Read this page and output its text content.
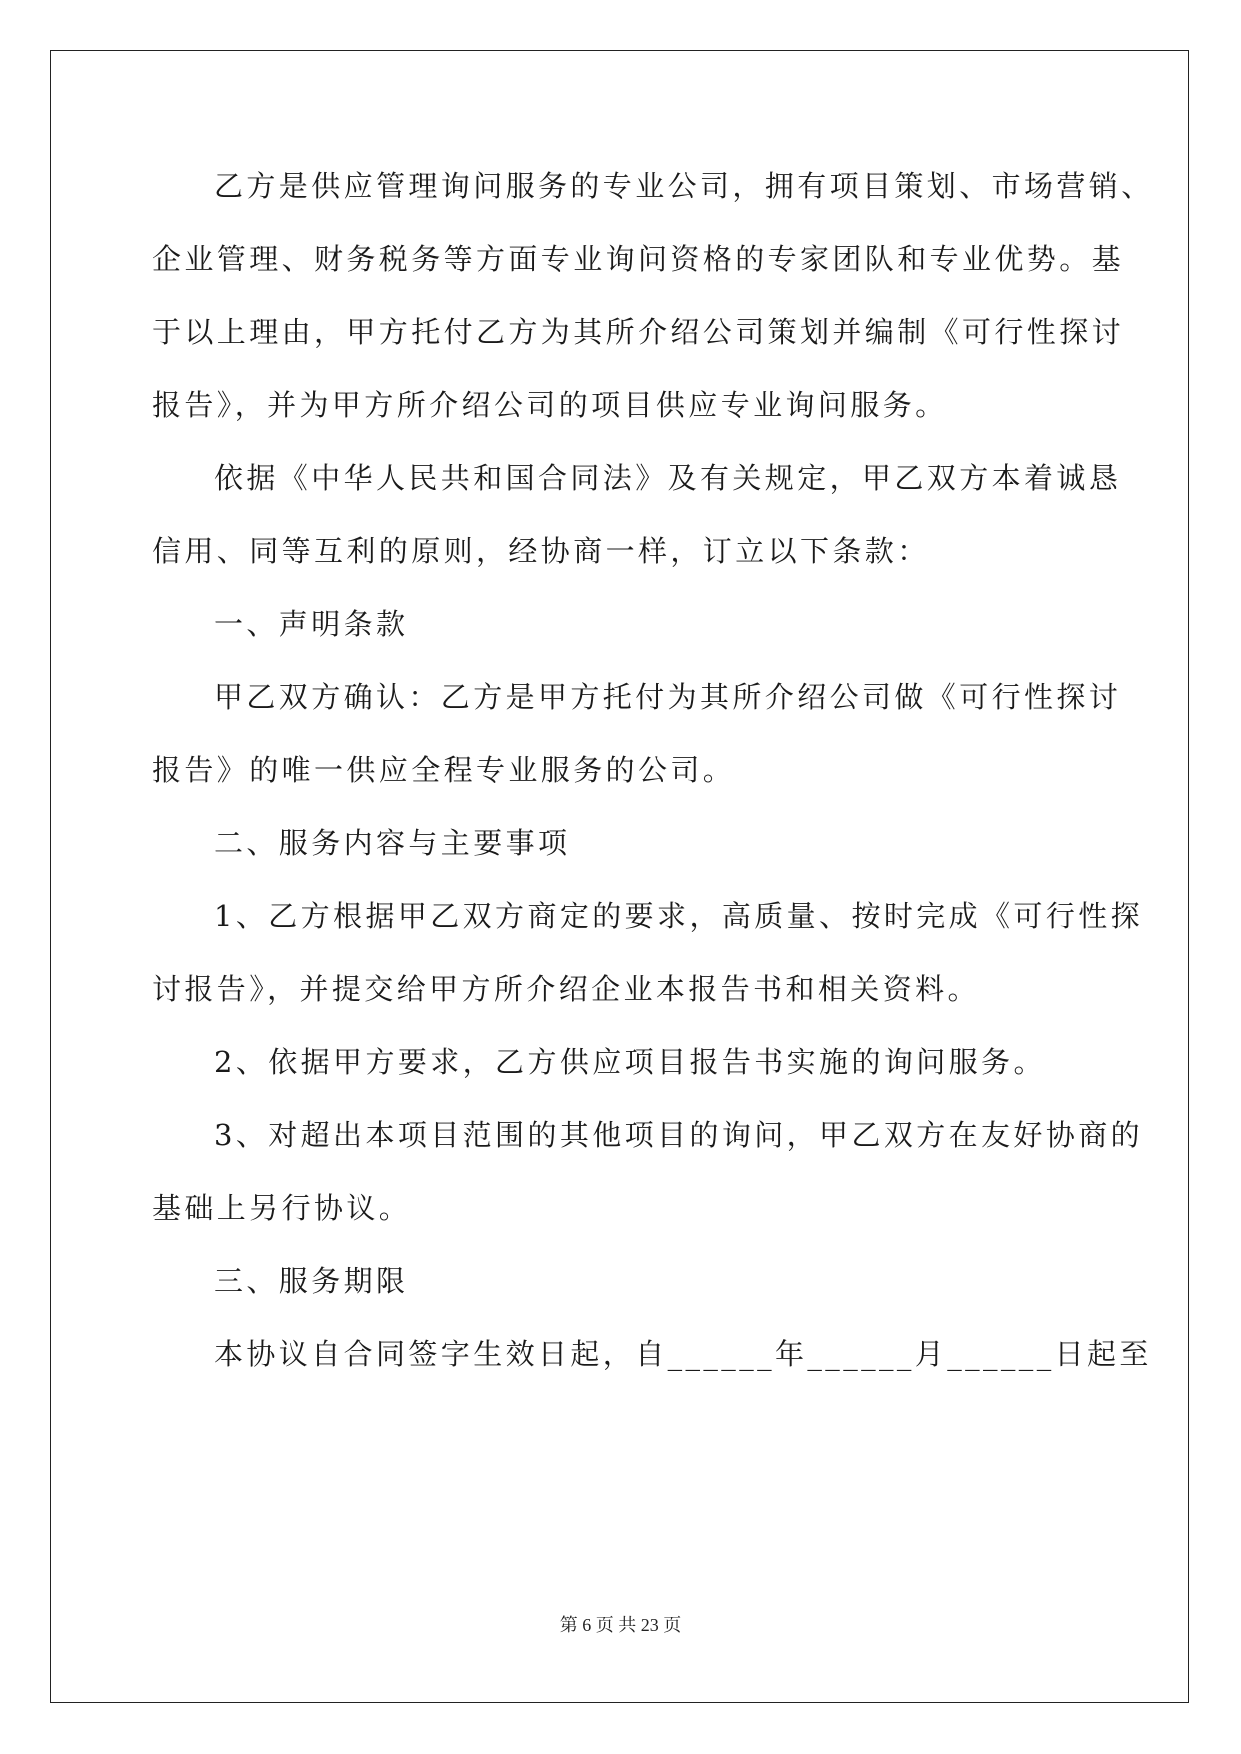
乙方是供应管理询问服务的专业公司，拥有项目策划、市场营销、
企业管理、财务税务等方面专业询问资格的专家团队和专业优势。基
于以上理由，甲方托付乙方为其所介绍公司策划并编制《可行性探讨
报告》，并为甲方所介绍公司的项目供应专业询问服务。
依据《中华人民共和国合同法》及有关规定，甲乙双方本着诚恳
信用、同等互利的原则，经协商一样，订立以下条款：
一、声明条款
甲乙双方确认：乙方是甲方托付为其所介绍公司做《可行性探讨
报告》的唯一供应全程专业服务的公司。
二、服务内容与主要事项
1、乙方根据甲乙双方商定的要求，高质量、按时完成《可行性探
讨报告》，并提交给甲方所介绍企业本报告书和相关资料。
2、依据甲方要求，乙方供应项目报告书实施的询问服务。
3、对超出本项目范围的其他项目的询问，甲乙双方在友好协商的
基础上另行协议。
三、服务期限
本协议自合同签字生效日起，自______年______月______日起至
第 6 页 共 23 页
